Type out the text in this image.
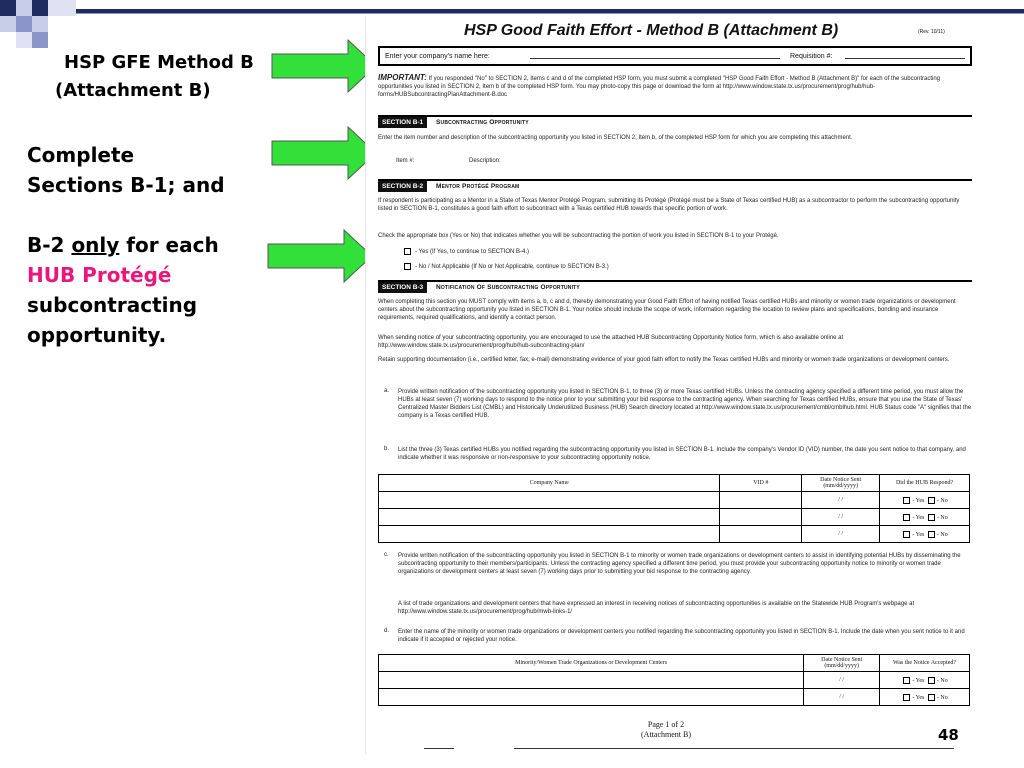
HSP GFE Method B
(Attachment B)
Complete
Sections B-1; and
B-2 only for each
HUB Protégé
subcontracting
opportunity.
HSP Good Faith Effort - Method B (Attachment B)	(Rev. 10/11)
Enter your company's name here:	Requisition #:
IMPORTANT: If you responded "No" to SECTION 2, Items c and d of the completed HSP form, you must submit a completed "HSP Good Faith Effort - Method B (Attachment B)" for each of the subcontracting opportunities you listed in SECTION 2, Item b of the completed HSP form. You may photo-copy this page or download the form at http://www.window.state.tx.us/procurement/prog/hub/hub-forms/HUBSubcontractingPlanAttachment-B.doc
SECTION B-1	Subcontracting Opportunity
Enter the item number and description of the subcontracting opportunity you listed in SECTION 2, Item b, of the completed HSP form for which you are completing this attachment.
Item #:	Description:
SECTION B-2	Mentor Protégé Program
If respondent is participating as a Mentor in a State of Texas Mentor Protégé Program, submitting its Protégé (Protégé must be a State of Texas certified HUB) as a subcontractor to perform the subcontracting opportunity listed in SECTION B-1, constitutes a good faith effort to subcontract with a Texas certified HUB towards that specific portion of work.
Check the appropriate box (Yes or No) that indicates whether you will be subcontracting the portion of work you listed in SECTION B-1 to your Protégé.
- Yes (If Yes, to continue to SECTION B-4.)
- No / Not Applicable (If No or Not Applicable, continue to SECTION B-3.)
SECTION B-3	Notification Of Subcontracting Opportunity
When completing this section you MUST comply with items a, b, c and d, thereby demonstrating your Good Faith Effort of having notified Texas certified HUBs and minority or women trade organizations or development centers about the subcontracting opportunity you listed in SECTION B-1. Your notice should include the scope of work, information regarding the location to review plans and specifications, bonding and insurance requirements, required qualifications, and identify a contact person.
When sending notice of your subcontracting opportunity, you are encouraged to use the attached HUB Subcontracting Opportunity Notice form, which is also available online at http://www.window.state.tx.us/procurement/prog/hub/hub-subcontracting-plan/
Retain supporting documentation (i.e., certified letter, fax, e-mail) demonstrating evidence of your good faith effort to notify the Texas certified HUBs and minority or women trade organizations or development centers.
a. Provide written notification of the subcontracting opportunity you listed in SECTION B-1, to three (3) or more Texas certified HUBs. Unless the contracting agency specified a different time period, you must allow the HUBs at least seven (7) working days to respond to the notice prior to your submitting your bid response to the contracting agency. When searching for Texas certified HUBs, ensure that you use the State of Texas' Centralized Master Bidders List (CMBL) and Historically Underutilized Business (HUB) Search directory located at http://www.window.state.tx.us/procurement/cmbl/cmblhub.html. HUB Status code "A" signifies that the company is a Texas certified HUB.
b. List the three (3) Texas certified HUBs you notified regarding the subcontracting opportunity you listed in SECTION B-1. Include the company's Vendor ID (VID) number, the date you sent notice to that company, and indicate whether it was responsive or non-responsive to your subcontracting opportunity notice.
Company Name	VID #	Date Notice Sent (mm/dd/yyyy)	Did the HUB Respond?
		/ /	- Yes - No
		/ /	- Yes - No
		/ /	- Yes - No
c. Provide written notification of the subcontracting opportunity you listed in SECTION B-1 to minority or women trade organizations or development centers to assist in identifying potential HUBs by disseminating the subcontracting opportunity to their members/participants. Unless the contracting agency specified a different time period, you must provide your subcontracting opportunity notice to minority or women trade organizations or development centers at least seven (7) working days prior to submitting your bid response to the contracting agency.
A list of trade organizations and development centers that have expressed an interest in receiving notices of subcontracting opportunities is available on the Statewide HUB Program's webpage at http://www.window.state.tx.us/procurement/prog/hub/mwb-links-1/
d. Enter the name of the minority or women trade organizations or development centers you notified regarding the subcontracting opportunity you listed in SECTION B-1. Include the date when you sent notice to it and indicate if it accepted or rejected your notice.
Minority/Women Trade Organizations or Development Centers	Date Notice Sent (mm/dd/yyyy)	Was the Notice Accepted?
	/ /	- Yes - No
	/ /	- Yes - No
Page 1 of 2
(Attachment B)	48
